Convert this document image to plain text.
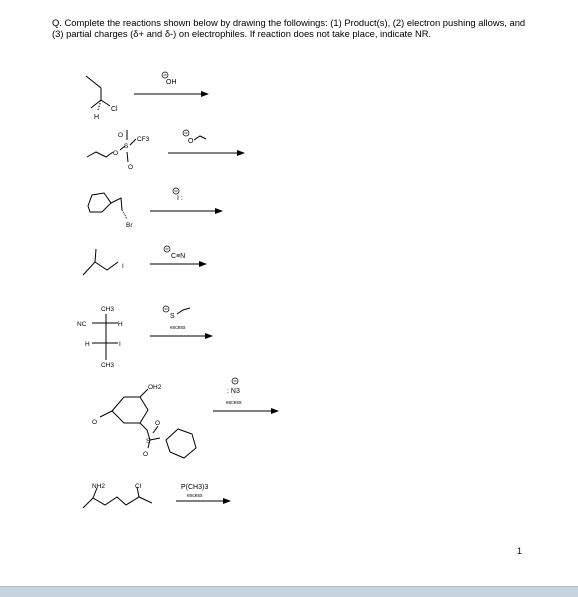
Q. Complete the reactions shown below by drawing the followings: (1) Product(s), (2) electron pushing allows, and (3) partial charges (δ+ and δ-) on electrophiles. If reaction does not take place, indicate NR.
1
Cl
H
OH
O
S
O
O
CF3	O
Br
I :
I
C≡N
CH3
NC	H
H	I
CH3
S
excess
OH2
O
S
O
O
: N3
excess
NH2	Cl	P(CH3)3
excess
